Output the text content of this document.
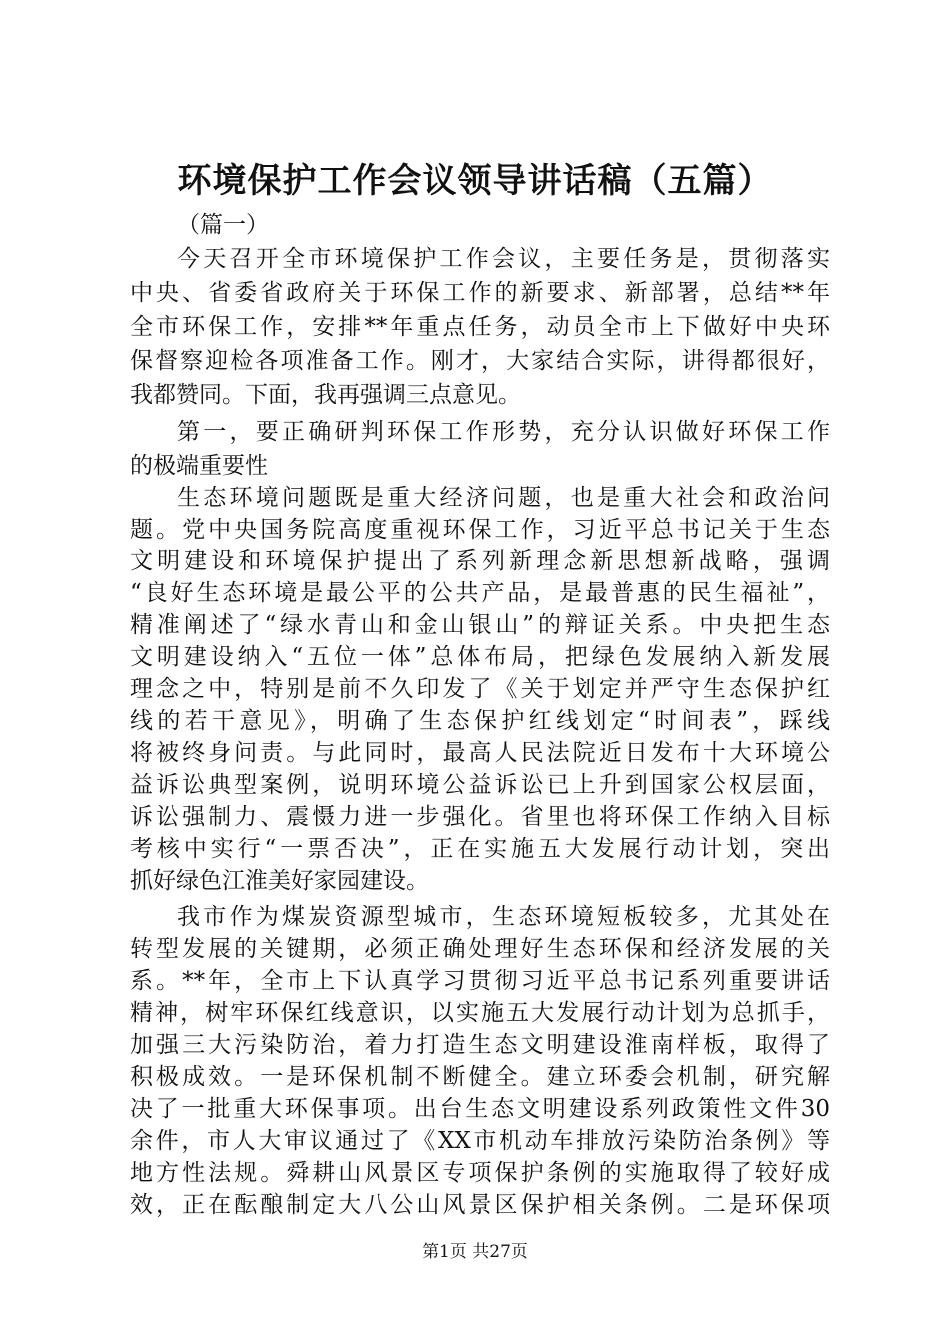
环境保护工作会议领导讲话稿（五篇）
（篇一）
今天召开全市环境保护工作会议，主要任务是，贯彻落实
中央、省委省政府关于环保工作的新要求、新部署，总结**年
全市环保工作，安排**年重点任务，动员全市上下做好中央环
保督察迎检各项准备工作。刚才，大家结合实际，讲得都很好，
我都赞同。下面，我再强调三点意见。
第一，要正确研判环保工作形势，充分认识做好环保工作
的极端重要性
生态环境问题既是重大经济问题，也是重大社会和政治问
题。党中央国务院高度重视环保工作，习近平总书记关于生态
文明建设和环境保护提出了系列新理念新思想新战略，强调
“良好生态环境是最公平的公共产品，是最普惠的民生福祉”，
精准阐述了“绿水青山和金山银山”的辩证关系。中央把生态
文明建设纳入“五位一体”总体布局，把绿色发展纳入新发展
理念之中，特别是前不久印发了《关于划定并严守生态保护红
线的若干意见》，明确了生态保护红线划定“时间表”，踩线
将被终身问责。与此同时，最高人民法院近日发布十大环境公
益诉讼典型案例，说明环境公益诉讼已上升到国家公权层面，
诉讼强制力、震慑力进一步强化。省里也将环保工作纳入目标
考核中实行“一票否决”，正在实施五大发展行动计划，突出
抓好绿色江淮美好家园建设。
我市作为煤炭资源型城市，生态环境短板较多，尤其处在
转型发展的关键期，必须正确处理好生态环保和经济发展的关
系。**年，全市上下认真学习贯彻习近平总书记系列重要讲话
精神，树牢环保红线意识，以实施五大发展行动计划为总抓手，
加强三大污染防治，着力打造生态文明建设淮南样板，取得了
积极成效。一是环保机制不断健全。建立环委会机制，研究解
决了一批重大环保事项。出台生态文明建设系列政策性文件30
余件，市人大审议通过了《XX市机动车排放污染防治条例》等
地方性法规。舜耕山风景区专项保护条例的实施取得了较好成
效，正在酝酿制定大八公山风景区保护相关条例。二是环保项
第1页 共27页
